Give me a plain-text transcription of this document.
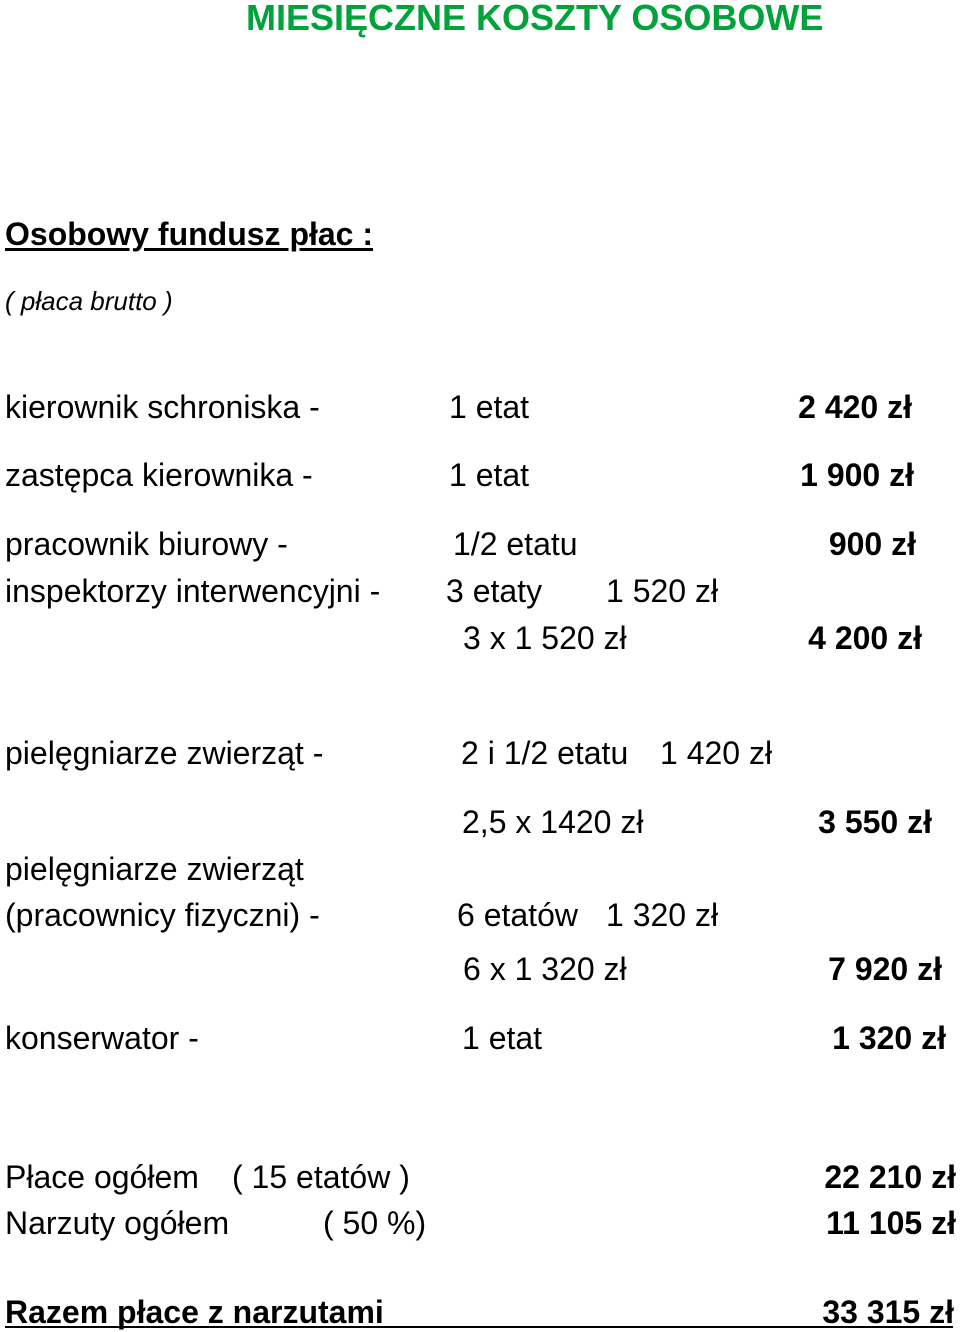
MIESIĘCZNE KOSZTY OSOBOWE
Osobowy fundusz płac :
( płaca brutto )
kierownik schroniska -	1 etat	2 420 zł
zastępca kierownika -	1 etat	1 900 zł
pracownik biurowy -	1/2 etatu	900 zł
inspektorzy interwencyjni - 3 etaty 1 520 zł
3 x 1 520 zł	4 200 zł
pielęgniarze zwierząt -	2 i 1/2 etatu 1 420 zł
2,5 x 1420 zł	3 550 zł
pielęgniarze zwierząt
(pracownicy fizyczni) -	6 etatów 1 320 zł
6 x 1 320 zł	7 920 zł
konserwator -	1 etat	1 320 zł
Płace ogółem ( 15 etatów )	22 210 zł
Narzuty ogółem	( 50 %)	11 105 zł
Razem płace z narzutami	33 315 zł
